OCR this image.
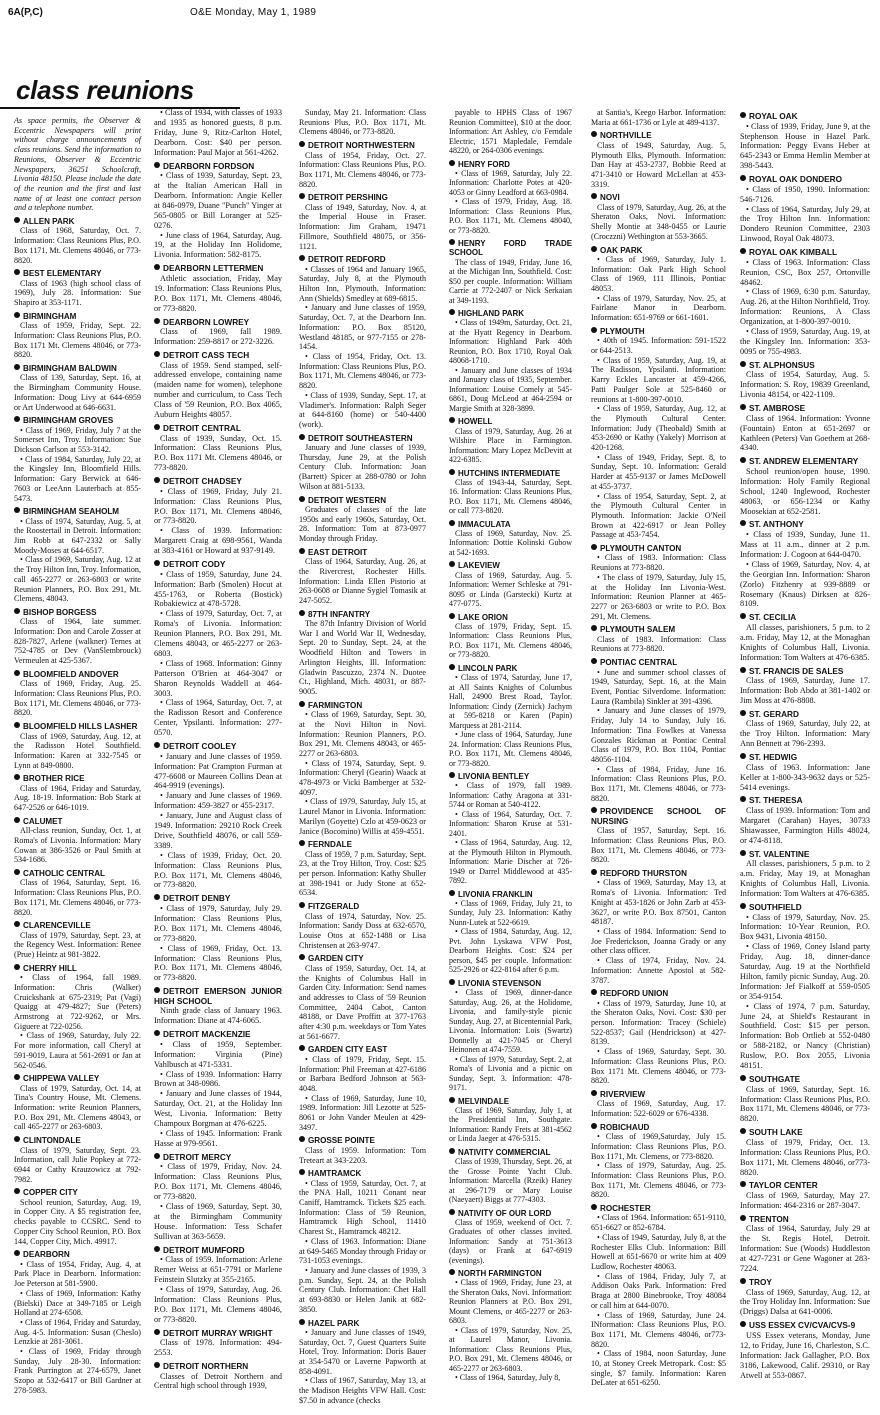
6A(P,C)	O&E Monday, May 1, 1989
class reunions

As space permits, the Observer & Eccentric Newspapers will print without charge announcements of class reunions. Send the information to Reunions, Observer & Eccentric Newspapers, 36251 Schoolcraft, Livonia 48150. Please include the date of the reunion and the first and last name of at least one contact person and a telephone number.

ALLEN PARK
Class of 1968, Saturday, Oct. 7. Information: Class Reunions Plus, P.O. Box 1171, Mt. Clemens 48046, or 773-8820.
BEST ELEMENTARY
Class of 1963 (high school class of 1969), July 28. Information: Sue Shapiro at 353-1171.
BIRMINGHAM
Class of 1959, Friday, Sept. 22. Information: Class Reunions Plus, P.O. Box 1171 Mt. Clemens 48046, or 773-8820.
BIRMINGHAM BALDWIN
Class of 139, Saturday, Sept. 16, at the Birmingham Community House. Information: Doug Livy at 644-6959 or Art Underwood at 646-6631.
BIRMINGHAM GROVES
• Class of 1969, Friday, July 7 at the Somerset Inn, Troy. Information: Sue Dickson Carlson at 553-3142.
• Class of 1984, Saturday, July 22, at the Kingsley Inn, Bloomfield Hills. Information: Gary Berwick at 646-7603 or LeeAnn Lauterbach at 855-5473.
BIRMINGHAM SEAHOLM
• Class of 1974, Saturday, Aug. 5, at the Roostertail in Detroit. Information: Jim Robb at 647-2332 or Sally Moody-Moses at 644-6517.
• Class of 1969, Saturday, Aug. 12 at the Troy Hilton Inn, Troy. Information, call 465-2277 or 263-6803 or write Reunion Planners, P.O. Box 291, Mt. Clemens, 48043.
BISHOP BORGESS
Class of 1964, late summer. Information: Don and Carole Zosser at 828-7827, Arlene (walkner) Ternes at 752-4785 or Dev (VanSlembrouck) Vermeulen at 425-5367.
BLOOMFIELD ANDOVER
Class of 1969, Friday, Aug. 25. Information: Class Reunions Plus, P.O. Box 1171, Mt. Clemens 48046, or 773-8820.
BLOOMFIELD HILLS LASHER
Class of 1969, Saturday, Aug. 12, at the Radisson Hotel Southfield. Information: Karen at 332-7545 or Lynn at 849-0800.
BROTHER RICE
Class of 1964, Friday and Saturday, Aug. 18-19. Information: Bob Stark at 647-2526 or 646-1019.
CALUMET
All-class reunion, Sunday, Oct. 1, at Roma's of Livonia. Information: Mary Cowan at 386-3526 or Paul Smith at 534-1686.
CATHOLIC CENTRAL
Class of 1964, Saturday, Sept. 16. Information: Class Reunions Plus, P.O. Box 1171, Mt. Clemens 48046, or 773-8820.
CLARENCEVILLE
Class of 1979, Saturday, Sept. 23, at the Regency West. Information: Renee (Prue) Heintz at 981-3822.
CHERRY HILL
• Class of 1964, fall 1989. Information: Chris (Walker) Cruickshank at 675-2319; Pat (Vagi) Quaigg at 479-4827; Sue (Peters) Armstrong at 722-9262, or Mrs. Giguere at 722-0256.
• Class of 1969, Saturday, July 22. For more information, call Cheryl at 591-9019, Laura at 561-2691 or Jan at 562-0546.
CHIPPEWA VALLEY
Class of 1979, Saturday, Oct. 14, at Tina's Country House, Mt. Clemens. Information: write Reunion Planners, P.O. Box 291, Mt. Clemens 48043, or call 465-2277 or 263-6803.
CLINTONDALE
Class of 1979, Saturday, Sept. 23. Information, call Julie Popkey at 772-6944 or Cathy Krauzowicz at 792-7982.
COPPER CITY
School reunion, Saturday, Aug. 19, in Copper City. A $5 registration fee, checks payable to CCSRC. Send to Copper City School Reunion, P.O. Box 144, Copper City, Mich. 49917.
DEARBORN
• Class of 1954, Friday, Aug. 4, at Park Place in Dearborn. Information: Joe Peterson at 581-5900.
• Class of 1969, Information: Kathy (Bielski) Dace at 349-7185 or Leigh Holland at 274-6508.
• Class of 1964, Friday and Saturday, Aug. 4-5. Information: Susan (Cheslo) Lenzkie at 281-3061.
• Class of 1969, Friday through Sunday, July 28-30. Information: Frank Purrington at 274-6579, Janet Szopo at 532-6417 or Bill Gardner at 278-5983.
• Class of 1934, with classes of 1933 and 1935 as honored guests, 8 p.m. Friday, June 9, Ritz-Carlton Hotel, Dearborn. Cost: $40 per person. Information: Paul Major at 561-4262.
DEARBORN FORDSON
• Class of 1939, Saturday, Sept. 23, at the Italian American Hall in Dearborn. Information: Angie Keller at 846-0979, Duane "Punch" Yinger at 565-0805 or Bill Loranger at 525-0276.
• June class of 1964, Saturday, Aug. 19, at the Holiday Inn Holidome, Livonia. Information: 582-8175.
DEARBORN LETTERMEN
Athletic association, Friday, May 19. Information: Class Reunions Plus, P.O. Box 1171, Mt. Clemens 48046, or 773-8820.
DEARBORN LOWREY
Class of 1969, fall 1989. Information: 259-8817 or 272-3226.
DETROIT CASS TECH
Class of 1959. Send stamped, self-addressed envelope, containing name (maiden name for women), telephone number and curriculum, to Cass Tech Class of '59 Reunion, P.O. Box 4065, Auburn Heights 48057.
DETROIT CENTRAL
Class of 1939, Sunday, Oct. 15. Information: Class Reunions Plus, P.O. Box 1171 Mt. Clemens 48046, or 773-8820.
DETROIT CHADSEY
• Class of 1969, Friday, July 21. Information: Class Reunions Plus, P.O. Box 1171, Mt. Clemens 48046, or 773-8820.
• Class of 1939. Information: Margarett Craig at 698-9561, Wanda at 383-4161 or Howard at 937-9149.
DETROIT CODY
• Class of 1959, Saturday, June 24. Information: Barb (Smolen) Hocut at 455-1763, or Roberta (Bostick) Robakiewicz at 478-5728.
• Class of 1979, Saturday, Oct. 7, at Roma's of Livonia. Information: Reunion Planners, P.O. Box 291, Mt. Clemens 48043, or 465-2277 or 263-6803.
• Class of 1968. Information: Ginny Patterson O'Brien at 464-3047 or Sharon Reynolds Waddell at 464-3003.
• Class of 1964, Saturday, Oct. 7, at the Radisson Resort and Conference Center, Ypsilanti. Information: 277-0570.
DETROIT COOLEY
• January and June classes of 1959. Information: Pat Crampton Furman at 477-6608 or Maureen Collins Dean at 464-9919 (evenings).
• January and June classes of 1969. Information: 459-3827 or 455-2317.
• January, June and August class of 1949. Information: 29210 Rock Creek Drive, Southfield 48076, or call 559-3389.
• Class of 1939, Friday, Oct. 20. Information: Class Reunions Plus, P.O. Box 1171, Mt. Clemens 48046, or 773-8820.
DETROIT DENBY
• Class of 1979, Saturday, July 29. Information: Class Reunions Plus, P.O. Box 1171, Mt. Clemens 48046, or 773-8820.
• Class of 1969, Friday, Oct. 13. Information: Class Reunions Plus, P.O. Box 1171, Mt. Clemens 48046, or 773-8820.
DETROIT EMERSON JUNIOR HIGH SCHOOL
Ninth grade class of January 1963. Information: Diane at 474-6065.
DETROIT MACKENZIE
• Class of 1959, September. Information: Virginia (Pine) Vahlbusch at 471-5331.
• Class of 1939. Information: Harry Brown at 348-0986.
• January and June classes of 1944, Saturday, Oct. 21, at the Holiday Inn West, Livonia. Information: Betty Champoux Borgman at 476-6225.
• Class of 1945. Information: Frank Hasse at 979-9561.
DETROIT MERCY
• Class of 1979, Friday, Nov. 24. Information: Class Reunions Plus, P.O. Box 1171, Mt. Clemens 48046, or 773-8820.
• Class of 1969, Saturday, Sept. 30, at the Birmingham Community House. Information: Tess Schafer Sullivan at 363-5659.
DETROIT MUMFORD
• Class of 1959. Information: Arlene Remer Weiss at 651-7791 or Marlene Feinstein Slutzky at 355-2165.
• Class of 1979, Saturday, Aug. 26. Information: Class Reunions Plus, P.O. Box 1171, Mt. Clemens 48046, or 773-8820.
DETROIT MURRAY WRIGHT
Class of 1978. Information: 494-2553.
DETROIT NORTHERN
Classes of Detroit Northern and Central high school through 1939,
Sunday, May 21. Information: Class Reunions Plus, P.O. Box 1171, Mt. Clemens 48046, or 773-8820.
DETROIT NORTHWESTERN
Class of 1954, Friday, Oct. 27. Information: Class Reunions Plus, P.O. Box 1171, Mt. Clemens 48046, or 773-8820.
DETROIT PERSHING
Class of 1949, Saturday, Nov. 4, at the Imperial House in Fraser. Information: Jim Graham, 19471 Fillmore, Southfield 48075, or 356-1121.
DETROIT REDFORD
• Classes of 1964 and January 1965, Saturday, July 8, at the Plymouth Hilton Inn, Plymouth. Information: Ann (Shields) Smedley at 689-6815.
• January and June classes of 1959, Saturday, Oct. 7, at the Dearborn Inn. Information: P.O. Box 85120, Westland 48185, or 977-7155 or 278-1454.
• Class of 1954, Friday, Oct. 13. Information: Class Reunions Plus, P.O. Box 1171, Mt. Clemens 48046, or 773-8820.
• Class of 1939, Sunday, Sept. 17, at Vladimer's. Information: Ralph Seger at 644-8160 (home) or 540-4400 (work).
DETROIT SOUTHEASTERN
January and June classes of 1939, Thursday, June 29, at the Polish Century Club. Information: Joan (Barrett) Spicer at 288-0780 or John Wilson at 881-5133.
DETROIT WESTERN
Graduates of classes of the late 1950s and early 1960s, Saturday, Oct. 28. Information: Tom at 873-0977 Monday through Friday.
EAST DETROIT
Class of 1964, Saturday, Aug. 26, at the Rivercrest, Rochester Hills. Information: Linda Ellen Pistorio at 263-0608 or Dianne Sygiel Tomasik at 247-5052.
87TH INFANTRY
The 87th Infantry Division of World War I and World War II, Wednesday, Sept. 20 to Sunday, Sept. 24, at the Woodfield Hilton and Towers in Arlington Heights, Ill. Information: Gladwin Pascuzzo, 2374 N. Duotee Ct., Highland, Mich. 48031, or 887-9005.
FARMINGTON
• Class of 1969, Saturday, Sept. 30, at the Novi Hilton in Novi. Information: Reunion Planners, P.O. Box 291, Mt. Clemens 48043, or 465-2277 or 263-6803.
• Class of 1974, Saturday, Sept. 9. Information: Cheryl (Gearin) Waack at 478-4973 or Vicki Bamberger at 532-4097.
• Class of 1979, Saturday, July 15, at Laurel Manor in Livonia. Information: Marilyn (Goyette) Czlo at 459-0623 or Janice (Bocomino) Willis at 459-4551.
FERNDALE
Class of 1959, 7 p.m. Saturday, Sept. 23, at the Troy Hilton, Troy. Cost: $25 per person. Information: Kathy Shuller at 398-1941 or Judy Stone at 652-6534.
FITZGERALD
Class of 1974, Saturday, Nov. 25. Information: Sandy Doss at 632-6570, Louise Otos at 652-1488 or Lisa Christensen at 263-9747.
GARDEN CITY
Class of 1959, Saturday, Oct. 14, at the Knights of Columbus Hall in Garden City. Information: Send names and addresses to Class of '59 Reunion Committee, 2404 Cabot, Canton 48188, or Dave Proffitt at 377-1763 after 4:30 p.m. weekdays or Tom Yates at 561-6677.
GARDEN CITY EAST
• Class of 1979, Friday, Sept. 15. Information: Phil Freeman at 427-6186 or Barbara Bedford Johnson at 563-4048.
• Class of 1969, Saturday, June 10, 1989. Information: Jill Lezotte at 525-8061 or John Vander Meulen at 429-3497.
GROSSE POINTE
Class of 1959. Information: Tom Treteart at 343-2203.
HAMTRAMCK
• Class of 1959, Saturday, Oct. 7, at the PNA Hall, 10211 Conant near Caniff, Hamtramck. Tickets $25 each. Information: Class of '59 Reunion, Hamtramck High School, 11410 Charest St., Hamtramck 48212.
• Class of 1963. Information: Diane at 649-5465 Monday through Friday or 731-1053 evenings.
• January and June classes of 1939, 3 p.m. Sunday, Sept. 24, at the Polish Century Club. Information: Chet Hall at 693-8830 or Helen Janik at 682-3850.
HAZEL PARK
• January and June classes of 1949, Saturday, Oct. 7, Guest Quarters Suite Hotel, Troy. Information: Doris Bauer at 354-5470 or Laverne Papworth at 858-4091.
• Class of 1967, Saturday, May 13, at the Madison Heights VFW Hall. Cost: $7.50 in advance (checks
payable to HPHS Class of 1967 Reunion Committee), $10 at the door. Information: Art Ashley, c/o Ferndale Electric, 1571 Mapledale, Ferndale 48220, or 264-0306 evenings.
HENRY FORD
• Class of 1969, Saturday, July 22. Information: Charlotte Potes at 420-4053 or Ginny Leadford at 663-0984.
• Class of 1979, Friday, Aug. 18. Information: Class Reunions Plus, P.O. Box 1171, Mt. Clemens 48040, or 773-8820.
HENRY FORD TRADE SCHOOL
The class of 1949, Friday, June 16, at the Michigan Inn, Southfield. Cost: $50 per couple. Information: William Carrie at 772-2407 or Nick Serkaian at 349-1193.
HIGHLAND PARK
• Class of 1949m, Saturday, Oct. 21, at the Hyatt Regency in Dearborn. Information: Highland Park 40th Reunion, P.O. Box 1710, Royal Oak 48068-1710.
• January and June classes of 1934 and January class of 1935, September. Information: Louise Comely at 545-6861, Doug McLeod at 464-2594 or Margie Smith at 328-3899.
HOWELL
Class of 1979, Saturday, Aug. 26 at Wilshire Place in Farmington. Information: Mary Lopez McDevitt at 422-6385.
HUTCHINS INTERMEDIATE
Class of 1943-44, Saturday, Sept. 16. Information: Class Reunions Plus, P.O. Box 1171, Mt. Clemens 48046, or call 773-8820.
IMMACULATA
Class of 1969, Saturday, Nov. 25. Information: Dottie Kolinski Gubow at 542-1693.
LAKEVIEW
Class of 1969, Saturday, Aug. 5. Information: Werner Schleske at 791-8095 or Linda (Garstecki) Kurtz at 477-0775.
LAKE ORION
Class of 1979, Friday, Sept. 15. Information: Class Reunions Plus, P.O. Box 1171, Mt. Clemens 48046, or 773-8820.
LINCOLN PARK
• Class of 1974, Saturday, June 17, at All Saints Knights of Columbus Hall, 24900 Brest Road, Taylor. Information: Cindy (Zernick) Jachym at 595-8218 or Karen (Papin) Marquess at 281-2114.
• June class of 1964, Saturday, June 24. Information: Class Reunions Plus, P.O. Box 1171, Mt. Clemens 48046, or 773-8820.
LIVONIA BENTLEY
• Class of 1979, fall 1989. Information: Cathy Aragona at 331-5744 or Roman at 540-4122.
• Class of 1964, Saturday, Oct. 7. Information: Sharon Kruse at 531-2401.
• Class of 1964, Saturday, Aug. 12, at the Plymouth Hilton in Plymouth. Information: Marie Discher at 726-1949 or Darrel Middlewood at 435-7892.
LIVONIA FRANKLIN
• Class of 1969, Friday, July 21, to Sunday, July 23. Information: Kathy Nunn-Lutek at 522-6619.
• Class of 1984, Saturday, Aug. 12, Pvt. John Lyskawa VFW Post, Dearborn Heights. Cost: $24 per person, $45 per couple. Information: 525-2926 or 422-8164 after 6 p.m.
LIVONIA STEVENSON
• Class of 1969, dinner-dance Saturday, Aug. 26, at the Holidome, Livonia, and family-style picnic Sunday, Aug. 27, at Bicentennial Park, Livonia. Information: Lois (Swartz) Donnelly at 421-7045 or Cheryl Heinonen at 474-7559.
• Class of 1979, Saturday, Sept. 2, at Roma's of Livonia and a picnic on Sunday, Sept. 3. Information: 478-9171.
MELVINDALE
Class of 1969, Saturday, July 1, at the Presidential Inn, Southgate. Information: Randy Frets at 381-4562 or Linda Jaeger at 476-5315.
NATIVITY COMMERCIAL
Class of 1939, Thursday, Sept. 26, at the Grosse Pointe Yacht Club. Information: Marcella (Rzeik) Haney at 296-7179 or Mary Louise (Naeyaert) Biggs at 777-4303.
NATIVITY OF OUR LORD
Class of 1959, weekend of Oct. 7. Graduates of other classes invited. Information: Sandy at 751-3613 (days) or Frank at 647-6919 (evenings).
NORTH FARMINGTON
• Class of 1969, Friday, June 23, at the Sheraton Oaks, Novi. Information: Reunion Planners at P.O. Box 291, Mount Clemens, or 465-2277 or 263-6803.
• Class of 1979, Saturday, Nov. 25, at Laurel Manor, Livonia. Information: Class Reunions Plus, P.O. Box 291, Mt. Clemens 48046, or 465-2277 or 263-6803.
• Class of 1964, Saturday, July 8,
at Santia's, Keego Harbor. Information: Maria at 661-1736 or Lyle at 489-4137.
NORTHVILLE
Class of 1949, Saturday, Aug. 5, Plymouth Elks, Plymouth. Information: Dan Hay at 453-2737, Bobbie Reed at 471-3410 or Howard McLellan at 453-3319.
NOVI
Class of 1979, Saturday, Aug. 26, at the Sheraton Oaks, Novi. Information: Shelly Montie at 348-0455 or Laurie (Croczzni) Wethington at 553-3665.
OAK PARK
• Class of 1969, Saturday, July 1. Information: Oak Park High School Class of 1969, 111 Illinois, Pontiac 48053.
• Class of 1979, Saturday, Nov. 25, at Fairlane Manor in Dearborn. Information: 651-9769 or 661-1601.
PLYMOUTH
• 40th of 1945. Information: 591-1522 or 644-2513.
• Class of 1959, Saturday, Aug. 19, at The Radisson, Ypsilanti. Information: Karry Eckles Lancaster at 459-4266, Patti Paulger Sole at 525-8460 or reunions at 1-800-397-0010.
• Class of 1959, Saturday, Aug. 12, at the Plymouth Cultural Center. Information: Judy (Theobald) Smith at 453-2690 or Kathy (Yakely) Morrison at 420-1268.
• Class of 1949, Friday, Sept. 8, to Sunday, Sept. 10. Information: Gerald Harder at 455-9137 or James McDowell at 455-3737.
• Class of 1954, Saturday, Sept. 2, at the Plymouth Cultural Center in Plymouth. Information: Jackie O'Neil Brown at 422-6917 or Jean Polley Passage at 453-7454.
PLYMOUTH CANTON
• Class of 1983. Information: Class Reunions at 773-8820.
• The class of 1979, Saturday, July 15, at the Holiday Inn Livonia-West. Information: Reunion Planner at 465-2277 or 263-6803 or write to P.O. Box 291, Mt. Clemens.
PLYMOUTH SALEM
Class of 1983. Information: Class Reunions at 773-8820.
PONTIAC CENTRAL
• June and summer school classes of 1949, Saturday, Sept. 16, at the Main Event, Pontiac Silverdome. Information: Laura (Rambila) Sinkler at 391-4396.
• January and June classes of 1979, Friday, July 14 to Sunday, July 16. Information: Tina Fowlkes at Vanessa Gonzales Rickman at Pontiac Central Class of 1979, P.O. Box 1104, Pontiac 48056-1104.
• Class of 1984, Friday, June 16. Information: Class Reunions Plus, P.O. Box 1171, Mt. Clemens 48046, or 773-8820.
PROVIDENCE SCHOOL OF NURSING
Class of 1957, Saturday, Sept. 16. Information: Class Reunions Plus, P.O. Box 1171, Mt. Clemens 48046, or 773-8820.
REDFORD THURSTON
• Class of 1969, Saturday, May 13, at Roma's of Livonia. Information: Ted Knight at 453-1826 or John Zarb at 453-3627, or write P.O. Box 87501, Canton 48187.
• Class of 1984. Information: Send to Joe Frederickson, Joanna Grady or any other class officer.
• Class of 1974, Friday, Nov. 24. Information: Annette Apostol at 582-3787.
REDFORD UNION
• Class of 1979, Saturday, June 10, at the Sheraton Oaks, Novi. Cost: $30 per person. Information: Tracey (Schiele) 522-8537; Gail (Hendrickson) at 427-8139.
• Class of 1969, Saturday, Sept. 30. Information: Class Reunions Plus, P.O. Box 1171 Mt. Clemens 48046, or 773-8820.
RIVERVIEW
Class of 1969, Saturday, Aug. 17. Information: 522-6029 or 676-4338.
ROBICHAUD
• Class of 1969,Saturday, July 15. Information: Class Reunions Plus, P.O. Box 1171, Mt. Clemens, or 773-8820.
• Class of 1979, Saturday, Aug. 25. Information: Class Reunions Plus, P.O. Box 1171, Mt. Clemens 48046, or 773-8820.
ROCHESTER
• Class of 1964. Information: 651-9110, 651-6627 or 852-6784.
• Class of 1949, Saturday, July 8, at the Rochester Elks Club. Information: Bill Howell at 651-6670 or write him at 409 Ludlow, Rochester 48063.
• Class of 1984, Friday, July 7, at Addison Oaks Park. Information: Fred Braga at 2800 Binebrooke, Troy 48084 or call him at 644-0070.
• Class of 1969, Saturday, June 24. INformation: Class Reunions Plus, P.O. Box 1171, Mt. Clemens 48046, or773-8820.
• Class of 1984, noon Saturday, June 10, at Stoney Creek Metropark. Cost: $5 single, $7 family. Information: Karen DeLater at 651-6250.
ROYAL OAK
• Class of 1939, Friday, June 9, at the Stephenson House in Hazel Park. Information: Peggy Evans Heber at 645-2343 or Emma Hemlin Member at 398-5443.
ROYAL OAK DONDERO
• Class of 1950, 1990. Information: 546-7126.
• Class of 1964, Saturday, July 29, at the Troy Hilton Inn. Information: Dondero Reunion Committee, 2303 Linwood, Royal Oak 48073.
ROYAL OAK KIMBALL
• Class of 1963. Information: Class Reunion, CSC, Box 257, Ortonville 48462.
• Class of 1969, 6:30 p.m. Saturday, Aug. 26, at the Hilton Northfield, Troy. Information: Reunions, A Class Organization, at 1-800-397-0010.
• Class of 1959, Saturday, Aug. 19, at the Kingsley Inn. Information: 353-0095 or 755-4983.
ST. ALPHONSUS
Class of 1954, Saturday, Aug. 5. Information: S. Roy, 19839 Greenland, Livonia 48154, or 422-1109.
ST. AMBROSE
Class of 1964. Information: Yvonne (Fountain) Enton at 651-2697 or Kathleen (Peters) Van Goethem at 268-4340.
ST. ANDREW ELEMENTARY
School reunion/open house, 1990. Information: Holy Family Regional School, 1240 Inglewood, Rochester 48063, or 656-1234 or Kathy Moosekian at 652-2581.
ST. ANTHONY
• Class of 1939, Sunday, June 11. Mass at 11 a.m., dinner at 2 p.m. Information: J. Cogoon at 644-0470.
• Class of 1969, Saturday, Nov. 4, at the Georgian Inn. Information: Sharon (Zorlo) Fitzhenry at 939-8889 or Rosemary (Knaus) Dirksen at 826-8109.
ST. CECILIA
All classes, parishioners, 5 p.m. to 2 a.m. Friday, May 12, at the Monaghan Knights of Columbus Hall, Livonia. Information: Tom Walters at 476-6385.
ST. FRANCIS DE SALES
Class of 1969, Saturday, June 17. Information: Bob Abdo at 381-1402 or Jim Moss at 476-8808.
ST. GERARD
Class of 1969, Saturday, July 22, at the Troy Hilton. Information: Mary Ann Bennett at 796-2393.
ST. HEDWIG
Class of 1963. Information: Jane Keller at 1-800-343-9632 days or 525-5414 evenings.
ST. THERESA
Class of 1939. Information: Tom and Margaret (Carahan) Hayes, 30733 Shiawassee, Farmington Hills 48024, or 474-8118.
ST. VALENTINE
All classes, parishioners, 5 p.m. to 2 a.m. Friday, May 19, at Monaghan Knights of Columbus Hall, Livonia. Information: Tom Walters at 476-6385.
SOUTHFIELD
• Class of 1979, Saturday, Nov. 25. Information: 10-Year Reunion, P.O. Box 9431, Livonia 48150.
• Class of 1969, Coney Island party Friday, Aug. 18, dinner-dance Saturday, Aug. 19 at the Northfield Hilton, family picnic Sunday, Aug. 20. Information: Jef Fialkoff at 559-0505 or 354-9154.
• Class of 1974, 7 p.m. Saturday, June 24, at Shield's Restaurant in Southfield. Cost: $15 per person. Information: Bob Ortlieb at 552-0480 or 588-2182, or Nancy (Christian) Ruslow, P.O. Box 2055, Livonia 48151.
SOUTHGATE
Class of 1969, Saturday, Sept. 16. Information: Class Reunions Plus, P.O. Box 1171, Mt. Clemens 48046, or 773-8820.
SOUTH LAKE
Class of 1979, Friday, Oct. 13. Information: Class Reunions Plus, P.O. Box 1171, Mt. Clemens 48046, or773-8820.
TAYLOR CENTER
Class of 1969, Saturday, May 27. Information: 464-2316 or 287-3047.
TRENTON
Class of 1964, Saturday, July 29 at the St. Regis Hotel, Detroit. Information: Sue (Woods) Huddleston at 427-7231 or Gene Wagoner at 283-7224.
TROY
Class of 1969, Saturday, Aug. 12, at the Troy Holiday Inn. Information: Sue (Driggs) Dalsa at 641-0006.
USS ESSEX CV/CVA/CVS-9
USS Essex veterans, Monday, June 12, to Friday, June 16, Charleston, S.C. Information: Jack Gallagher, P.O. Box 3186, Lakewood, Calif. 29310, or Ray Atwell at 553-0867.
